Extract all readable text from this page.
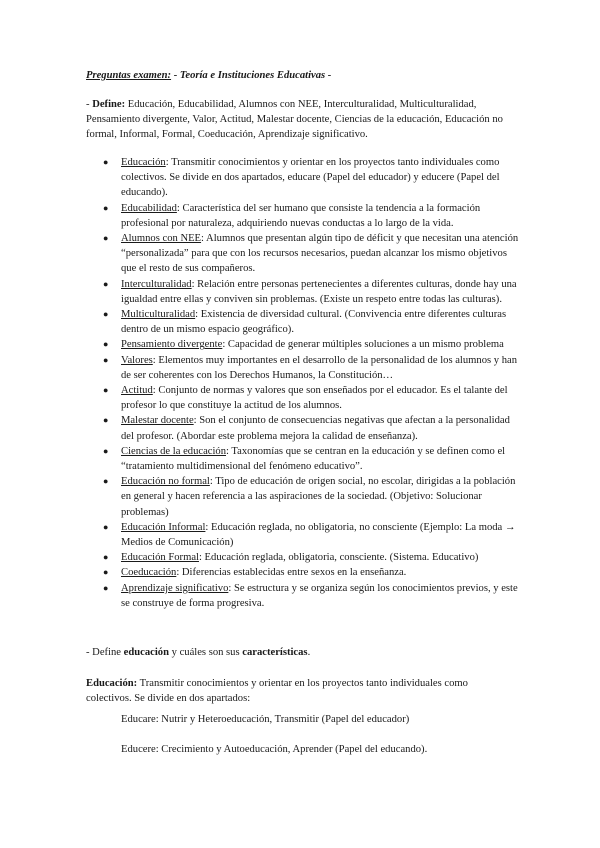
Preguntas examen: - Teoría e Instituciones Educativas -
- Define: Educación, Educabilidad, Alumnos con NEE, Interculturalidad, Multiculturalidad, Pensamiento divergente, Valor, Actitud, Malestar docente, Ciencias de la educación, Educación no formal, Informal, Formal, Coeducación, Aprendizaje significativo.
● Educación: Transmitir conocimientos y orientar en los proyectos tanto individuales como colectivos. Se divide en dos apartados, educare (Papel del educador) y educere (Papel del educando).
● Educabilidad: Característica del ser humano que consiste la tendencia a la formación profesional por naturaleza, adquiriendo nuevas conductas a lo largo de la vida.
● Alumnos con NEE: Alumnos que presentan algún tipo de déficit y que necesitan una atención “personalizada” para que con los recursos necesarios, puedan alcanzar los mismo objetivos que el resto de sus compañeros.
● Interculturalidad: Relación entre personas pertenecientes a diferentes culturas, donde hay una igualdad entre ellas y conviven sin problemas. (Existe un respeto entre todas las culturas).
● Multiculturalidad: Existencia de diversidad cultural. (Convivencia entre diferentes culturas dentro de un mismo espacio geográfico).
● Pensamiento divergente: Capacidad de generar múltiples soluciones a un mismo problema
● Valores: Elementos muy importantes en el desarrollo de la personalidad de los alumnos y han de ser coherentes con los Derechos Humanos, la Constitución…
● Actitud: Conjunto de normas y valores que son enseñados por el educador. Es el talante del profesor lo que constituye la actitud de los alumnos.
● Malestar docente: Son el conjunto de consecuencias negativas que afectan a la personalidad del profesor. (Abordar este problema mejora la calidad de enseñanza).
● Ciencias de la educación: Taxonomías que se centran en la educación y se definen como el “tratamiento multidimensional del fenómeno educativo”.
● Educación no formal: Tipo de educación de origen social, no escolar, dirigidas a la población en general y hacen referencia a las aspiraciones de la sociedad. (Objetivo: Solucionar problemas)
● Educación Informal: Educación reglada, no obligatoria, no consciente (Ejemplo: La moda → Medios de Comunicación)
● Educación Formal: Educación reglada, obligatoria, consciente. (Sistema. Educativo)
● Coeducación: Diferencias establecidas entre sexos en la enseñanza.
● Aprendizaje significativo: Se estructura y se organiza según los conocimientos previos, y este se construye de forma progresiva.
- Define educación y cuáles son sus características.
Educación: Transmitir conocimientos y orientar en los proyectos tanto individuales como colectivos. Se divide en dos apartados:
Educare: Nutrir y Heteroeducación, Transmitir (Papel del educador)
Educere: Crecimiento y Autoeducación, Aprender (Papel del educando).
